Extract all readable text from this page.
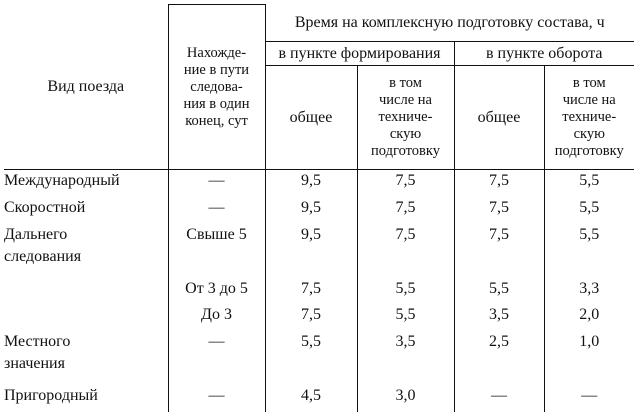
Вид поезда	Нахожде-
ние в пути
следова-
ния в один
конец, сут	Время на комплексную подготовку состава, ч			
		в пункте формирования		в пункте оборота	
		общее	в том
числе на
техниче-
скую
подготовку	общее	в том
числе на
техниче-
скую
подготовку
Международный	—	9,5	7,5	7,5	5,5
Скоростной	—	9,5	7,5	7,5	5,5
Дальнего
следования	Свыше 5	9,5	7,5	7,5	5,5
	От 3 до 5	7,5	5,5	5,5	3,3
	До 3	7,5	5,5	3,5	2,0
Местного
значения	—	5,5	3,5	2,5	1,0
Пригородный	—	4,5	3,0	—	—
